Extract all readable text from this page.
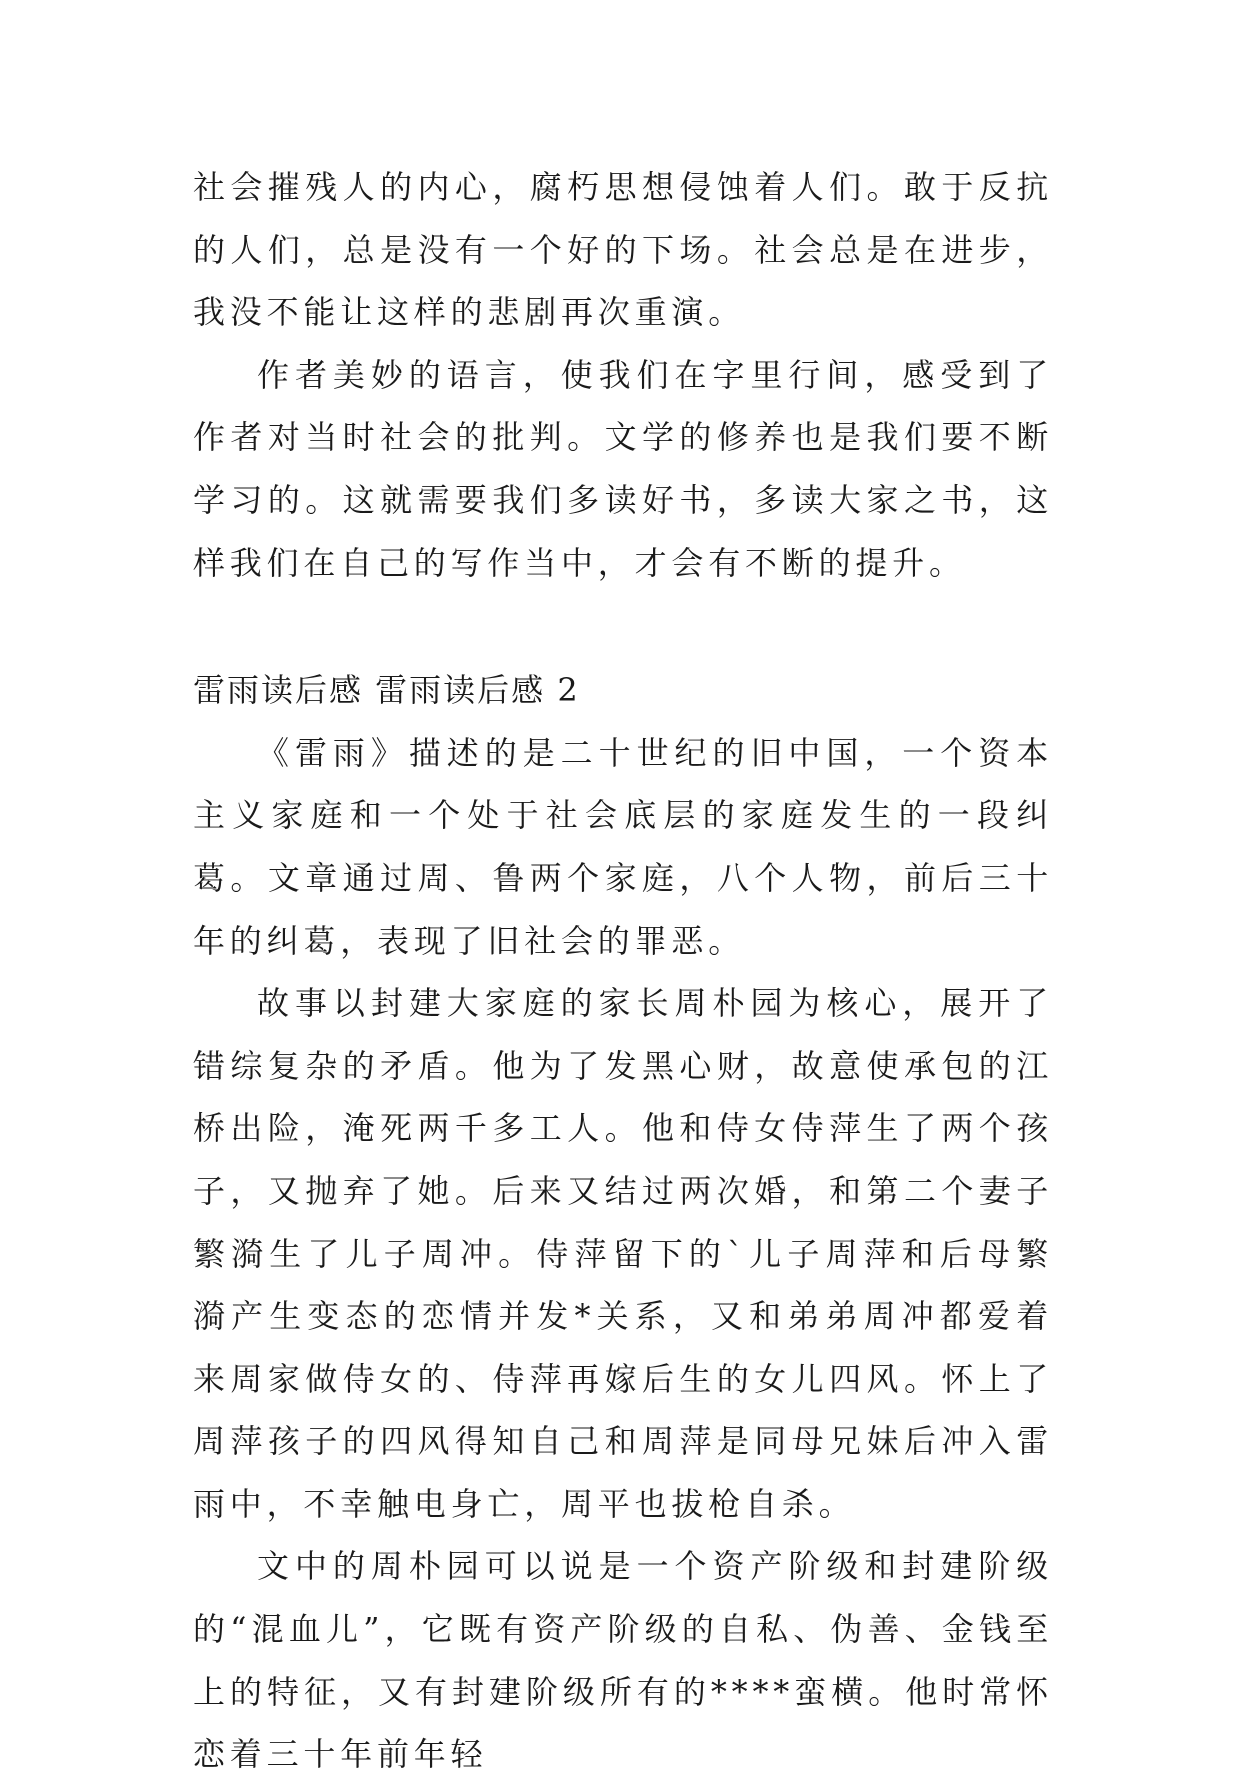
社会摧残人的内心，腐朽思想侵蚀着人们。敢于反抗的人们，总是没有一个好的下场。社会总是在进步，我没不能让这样的悲剧再次重演。

作者美妙的语言，使我们在字里行间，感受到了作者对当时社会的批判。文学的修养也是我们要不断学习的。这就需要我们多读好书，多读大家之书，这样我们在自己的写作当中，才会有不断的提升。

雷雨读后感 雷雨读后感 2

《雷雨》描述的是二十世纪的旧中国，一个资本主义家庭和一个处于社会底层的家庭发生的一段纠葛。文章通过周、鲁两个家庭，八个人物，前后三十年的纠葛，表现了旧社会的罪恶。

故事以封建大家庭的家长周朴园为核心，展开了错综复杂的矛盾。他为了发黑心财，故意使承包的江桥出险，淹死两千多工人。他和侍女侍萍生了两个孩子，又抛弃了她。后来又结过两次婚，和第二个妻子繁漪生了儿子周冲。侍萍留下的`儿子周萍和后母繁漪产生变态的恋情并发*关系，又和弟弟周冲都爱着来周家做侍女的、侍萍再嫁后生的女儿四风。怀上了周萍孩子的四风得知自己和周萍是同母兄妹后冲入雷雨中，不幸触电身亡，周平也拔枪自杀。

文中的周朴园可以说是一个资产阶级和封建阶级的“混血儿”，它既有资产阶级的自私、伪善、金钱至上的特征，又有封建阶级所有的****蛮横。他时常怀恋着三十年前年轻
